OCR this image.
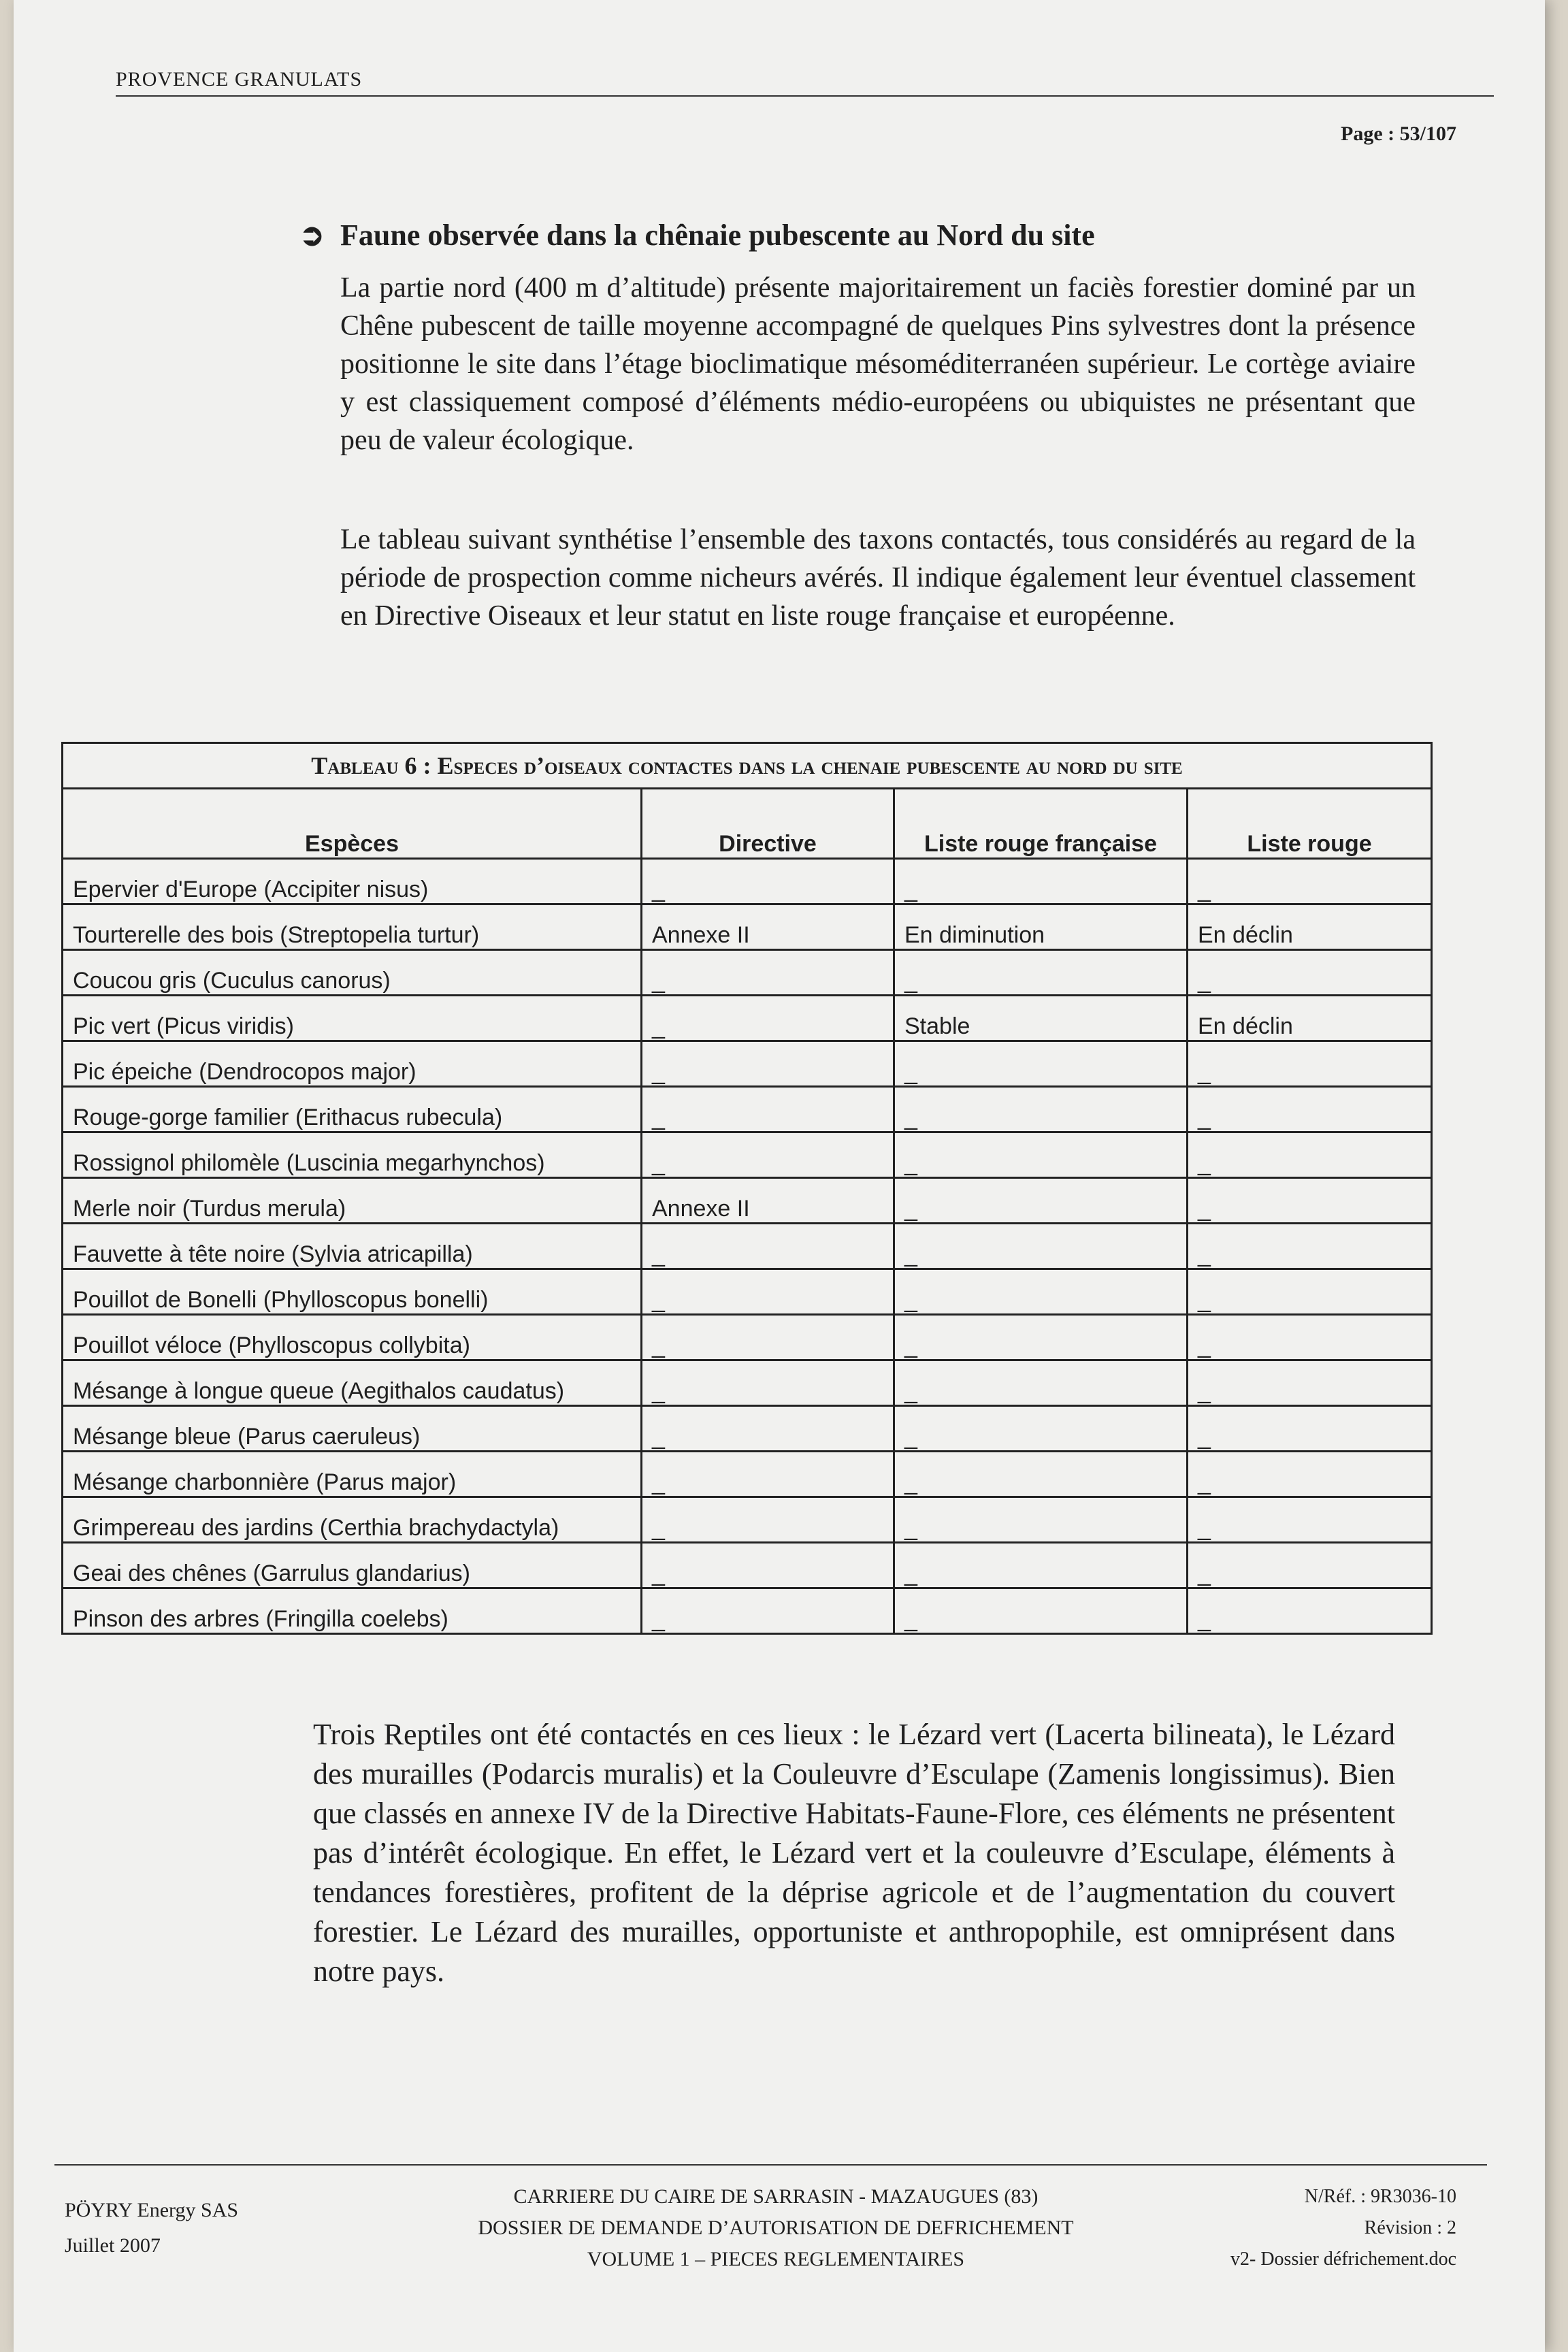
PROVENCE GRANULATS
Page : 53/107
➲ Faune observée dans la chênaie pubescente au Nord du site
La partie nord (400 m d’altitude) présente majoritairement un faciès forestier dominé par un Chêne pubescent de taille moyenne accompagné de quelques Pins sylvestres dont la présence positionne le site dans l’étage bioclimatique mésoméditerranéen supérieur. Le cortège aviaire y est classiquement composé d’éléments médio-européens ou ubiquistes ne présentant que peu de valeur écologique.
Le tableau suivant synthétise l’ensemble des taxons contactés, tous considérés au regard de la période de prospection comme nicheurs avérés. Il indique également leur éventuel classement en Directive Oiseaux et leur statut en liste rouge française et européenne.
Tableau 6 : Especes d’oiseaux contactes dans la chenaie pubescente au nord du site
Espèces	Directive	Liste rouge française	Liste rouge
Epervier d'Europe (Accipiter nisus)	_	_	_
Tourterelle des bois (Streptopelia turtur)	Annexe II	En diminution	En déclin
Coucou gris (Cuculus canorus)	_	_	_
Pic vert (Picus viridis)	_	Stable	En déclin
Pic épeiche (Dendrocopos major)	_	_	_
Rouge-gorge familier (Erithacus rubecula)	_	_	_
Rossignol philomèle (Luscinia megarhynchos)	_	_	_
Merle noir (Turdus merula)	Annexe II	_	_
Fauvette à tête noire (Sylvia atricapilla)	_	_	_
Pouillot de Bonelli (Phylloscopus bonelli)	_	_	_
Pouillot véloce (Phylloscopus collybita)	_	_	_
Mésange à longue queue (Aegithalos caudatus)	_	_	_
Mésange bleue (Parus caeruleus)	_	_	_
Mésange charbonnière (Parus major)	_	_	_
Grimpereau des jardins (Certhia brachydactyla)	_	_	_
Geai des chênes (Garrulus glandarius)	_	_	_
Pinson des arbres (Fringilla coelebs)	_	_	_
Trois Reptiles ont été contactés en ces lieux : le Lézard vert (Lacerta bilineata), le Lézard des murailles (Podarcis muralis) et la Couleuvre d’Esculape (Zamenis longissimus). Bien que classés en annexe IV de la Directive Habitats-Faune-Flore, ces éléments ne présentent pas d’intérêt écologique. En effet, le Lézard vert et la couleuvre d’Esculape, éléments à tendances forestières, profitent de la déprise agricole et de l’augmentation du couvert forestier. Le Lézard des murailles, opportuniste et anthropophile, est omniprésent dans notre pays.
PÖYRY Energy SAS
Juillet 2007
CARRIERE DU CAIRE DE SARRASIN - MAZAUGUES (83)
DOSSIER DE DEMANDE D’AUTORISATION DE DEFRICHEMENT
VOLUME 1 – PIECES REGLEMENTAIRES
N/Réf. : 9R3036-10
Révision : 2
v2- Dossier défrichement.doc
